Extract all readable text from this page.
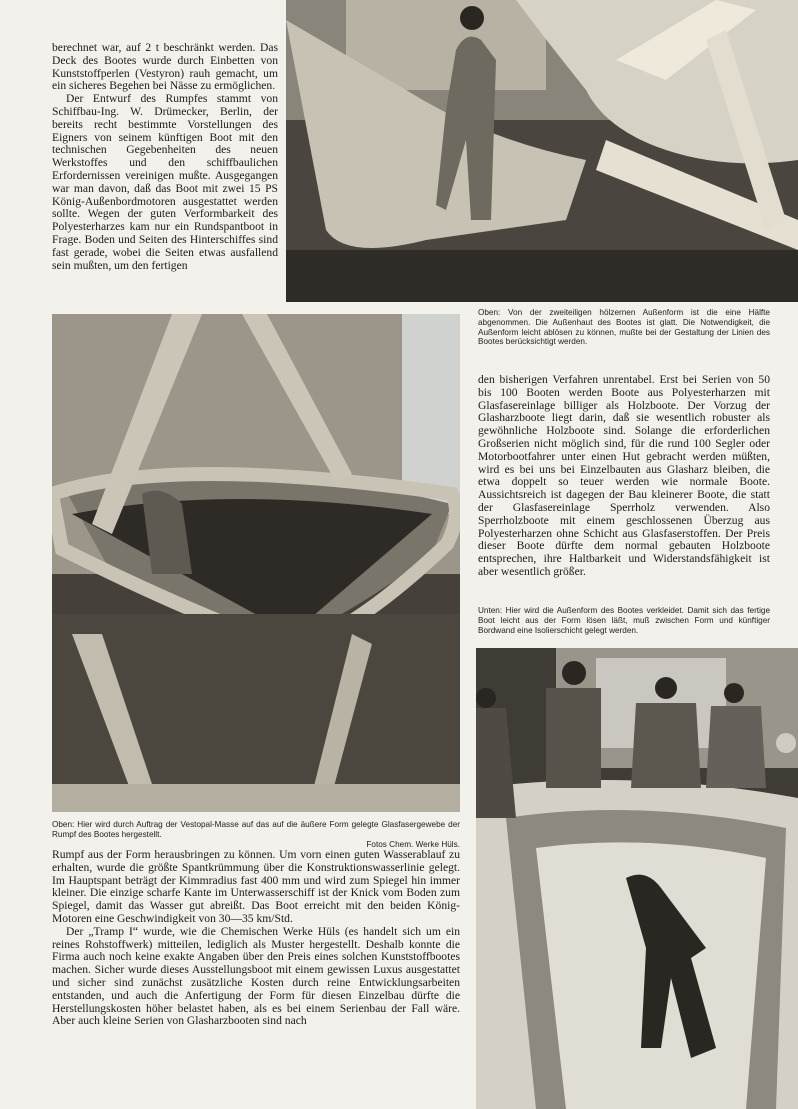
berechnet war, auf 2 t beschränkt werden. Das Deck des Bootes wurde durch Einbetten von Kunststoffperlen (Vestyron) rauh gemacht, um ein sicheres Begehen bei Nässe zu ermöglichen.

Der Entwurf des Rumpfes stammt von Schiffbau-Ing. W. Drümecker, Berlin, der bereits recht bestimmte Vorstellungen des Eigners von seinem künftigen Boot mit den technischen Gegebenheiten des neuen Werkstoffes und den schiffbaulichen Erfordernissen vereinigen mußte. Ausgegangen war man davon, daß das Boot mit zwei 15 PS König-Außenbordmotoren ausgestattet werden sollte. Wegen der guten Verformbarkeit des Polyesterharzes kam nur ein Rundspantboot in Frage. Boden und Seiten des Hinterschiffes sind fast gerade, wobei die Seiten etwas ausfallend sein mußten, um den fertigen

Oben: Von der zweiteiligen hölzernen Außenform ist die eine Hälfte abgenommen. Die Außenhaut des Bootes ist glatt. Die Notwendigkeit, die Außenform leicht ablösen zu können, mußte bei der Gestaltung der Linien des Bootes berücksichtigt werden.

den bisherigen Verfahren unrentabel. Erst bei Serien von 50 bis 100 Booten werden Boote aus Polyesterharzen mit Glasfasereinlage billiger als Holzboote. Der Vorzug der Glasharzboote liegt darin, daß sie wesentlich robuster als gewöhnliche Holzboote sind. Solange die erforderlichen Großserien nicht möglich sind, für die rund 100 Segler oder Motorbootfahrer unter einen Hut gebracht werden müßten, wird es bei uns bei Einzelbauten aus Glasharz bleiben, die etwa doppelt so teuer werden wie normale Boote. Aussichtsreich ist dagegen der Bau kleinerer Boote, die statt der Glasfasereinlage Sperrholz verwenden. Also Sperrholzboote mit einem geschlossenen Überzug aus Polyesterharzen ohne Schicht aus Glasfaserstoffen. Der Preis dieser Boote dürfte dem normal gebauten Holzboote entsprechen, ihre Haltbarkeit und Widerstandsfähigkeit ist aber wesentlich größer.

Unten: Hier wird die Außenform des Bootes verkleidet. Damit sich das fertige Boot leicht aus der Form lösen läßt, muß zwischen Form und künftiger Bordwand eine Isolierschicht gelegt werden.
Oben: Hier wird durch Auftrag der Vestopal-Masse auf das auf die äußere Form gelegte Glasfasergewebe der Rumpf des Bootes hergestellt.
Fotos Chem. Werke Hüls.

Rumpf aus der Form herausbringen zu können. Um vorn einen guten Wasserablauf zu erhalten, wurde die größte Spantkrümmung über die Konstruktionswasserlinie gelegt. Im Hauptspant beträgt der Kimmradius fast 400 mm und wird zum Spiegel hin immer kleiner. Die einzige scharfe Kante im Unterwasserschiff ist der Knick vom Boden zum Spiegel, damit das Wasser gut abreißt. Das Boot erreicht mit den beiden König-Motoren eine Geschwindigkeit von 30—35 km/Std.

Der „Tramp I“ wurde, wie die Chemischen Werke Hüls (es handelt sich um ein reines Rohstoffwerk) mitteilen, lediglich als Muster hergestellt. Deshalb konnte die Firma auch noch keine exakte Angaben über den Preis eines solchen Kunststoffbootes machen. Sicher wurde dieses Ausstellungsboot mit einem gewissen Luxus ausgestattet und sicher sind zunächst zusätzliche Kosten durch reine Entwicklungsarbeiten entstanden, und auch die Anfertigung der Form für diesen Einzelbau dürfte die Herstellungskosten höher belastet haben, als es bei einem Serienbau der Fall wäre. Aber auch kleine Serien von Glasharzbooten sind nach
